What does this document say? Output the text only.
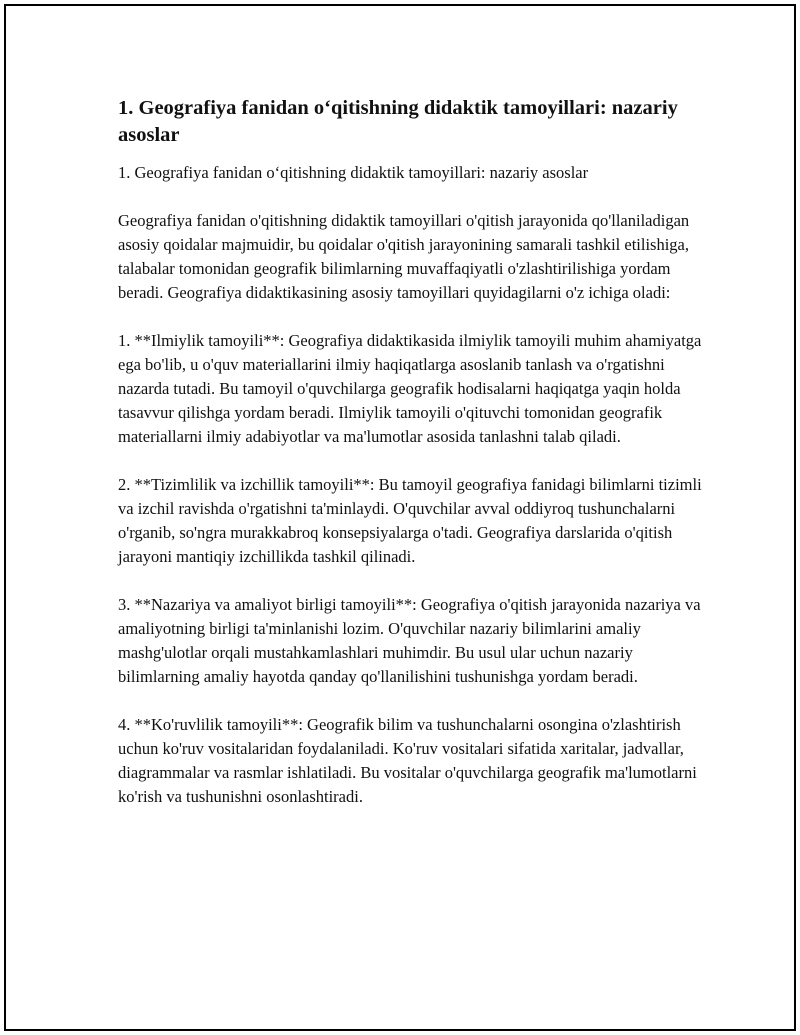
1. Geografiya fanidan o‘qitishning didaktik tamoyillari: nazariy asoslar

1. Geografiya fanidan o‘qitishning didaktik tamoyillari: nazariy asoslar

Geografiya fanidan o'qitishning didaktik tamoyillari o'qitish jarayonida qo'llaniladigan asosiy qoidalar majmuidir, bu qoidalar o'qitish jarayonining samarali tashkil etilishiga, talabalar tomonidan geografik bilimlarning muvaffaqiyatli o'zlashtirilishiga yordam beradi. Geografiya didaktikasining asosiy tamoyillari quyidagilarni o'z ichiga oladi:

1. **Ilmiylik tamoyili**: Geografiya didaktikasida ilmiylik tamoyili muhim ahamiyatga ega bo'lib, u o'quv materiallarini ilmiy haqiqatlarga asoslanib tanlash va o'rgatishni nazarda tutadi. Bu tamoyil o'quvchilarga geografik hodisalarni haqiqatga yaqin holda tasavvur qilishga yordam beradi. Ilmiylik tamoyili o'qituvchi tomonidan geografik materiallarni ilmiy adabiyotlar va ma'lumotlar asosida tanlashni talab qiladi.

2. **Tizimlilik va izchillik tamoyili**: Bu tamoyil geografiya fanidagi bilimlarni tizimli va izchil ravishda o'rgatishni ta'minlaydi. O'quvchilar avval oddiyroq tushunchalarni o'rganib, so'ngra murakkabroq konsepsiyalarga o'tadi. Geografiya darslarida o'qitish jarayoni mantiqiy izchillikda tashkil qilinadi.

3. **Nazariya va amaliyot birligi tamoyili**: Geografiya o'qitish jarayonida nazariya va amaliyotning birligi ta'minlanishi lozim. O'quvchilar nazariy bilimlarini amaliy mashg'ulotlar orqali mustahkamlashlari muhimdir. Bu usul ular uchun nazariy bilimlarning amaliy hayotda qanday qo'llanilishini tushunishga yordam beradi.

4. **Ko'ruvlilik tamoyili**: Geografik bilim va tushunchalarni osongina o'zlashtirish uchun ko'ruv vositalaridan foydalaniladi. Ko'ruv vositalari sifatida xaritalar, jadvallar, diagrammalar va rasmlar ishlatiladi. Bu vositalar o'quvchilarga geografik ma'lumotlarni ko'rish va tushunishni osonlashtiradi.
